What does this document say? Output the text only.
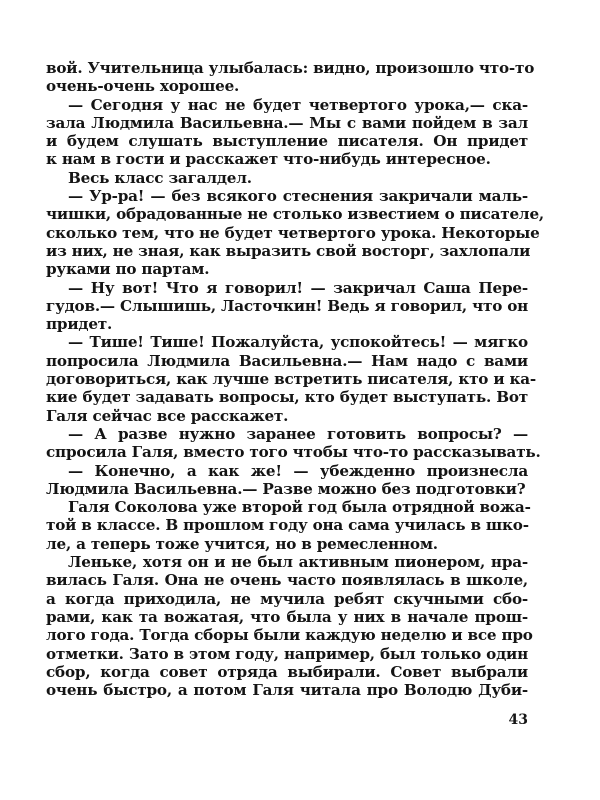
вой. Учительница улыбалась: видно, произошло что-то
очень-очень хорошее.
— Сегодня у нас не будет четвертого урока,— ска-
зала Людмила Васильевна.— Мы с вами пойдем в зал
и будем слушать выступление писателя. Он придет
к нам в гости и расскажет что-нибудь интересное.
Весь класс загалдел.
— Ур-ра! — без всякого стеснения закричали маль-
чишки, обрадованные не столько известием о писателе,
сколько тем, что не будет четвертого урока. Некоторые
из них, не зная, как выразить свой восторг, захлопали
руками по партам.
— Ну вот! Что я говорил! — закричал Саша Пере-
гудов.— Слышишь, Ласточкин! Ведь я говорил, что он
придет.
— Тише! Тише! Пожалуйста, успокойтесь! — мягко
попросила Людмила Васильевна.— Нам надо с вами
договориться, как лучше встретить писателя, кто и ка-
кие будет задавать вопросы, кто будет выступать. Вот
Галя сейчас все расскажет.
— А разве нужно заранее готовить вопросы? —
спросила Галя, вместо того чтобы что-то рассказывать.
— Конечно, а как же! — убежденно произнесла
Людмила Васильевна.— Разве можно без подготовки?
Галя Соколова уже второй год была отрядной вожа-
той в классе. В прошлом году она сама училась в шко-
ле, а теперь тоже учится, но в ремесленном.
Леньке, хотя он и не был активным пионером, нра-
вилась Галя. Она не очень часто появлялась в школе,
а когда приходила, не мучила ребят скучными сбо-
рами, как та вожатая, что была у них в начале прош-
лого года. Тогда сборы были каждую неделю и все про
отметки. Зато в этом году, например, был только один
сбор, когда совет отряда выбирали. Совет выбрали
очень быстро, а потом Галя читала про Володю Дуби-
43
